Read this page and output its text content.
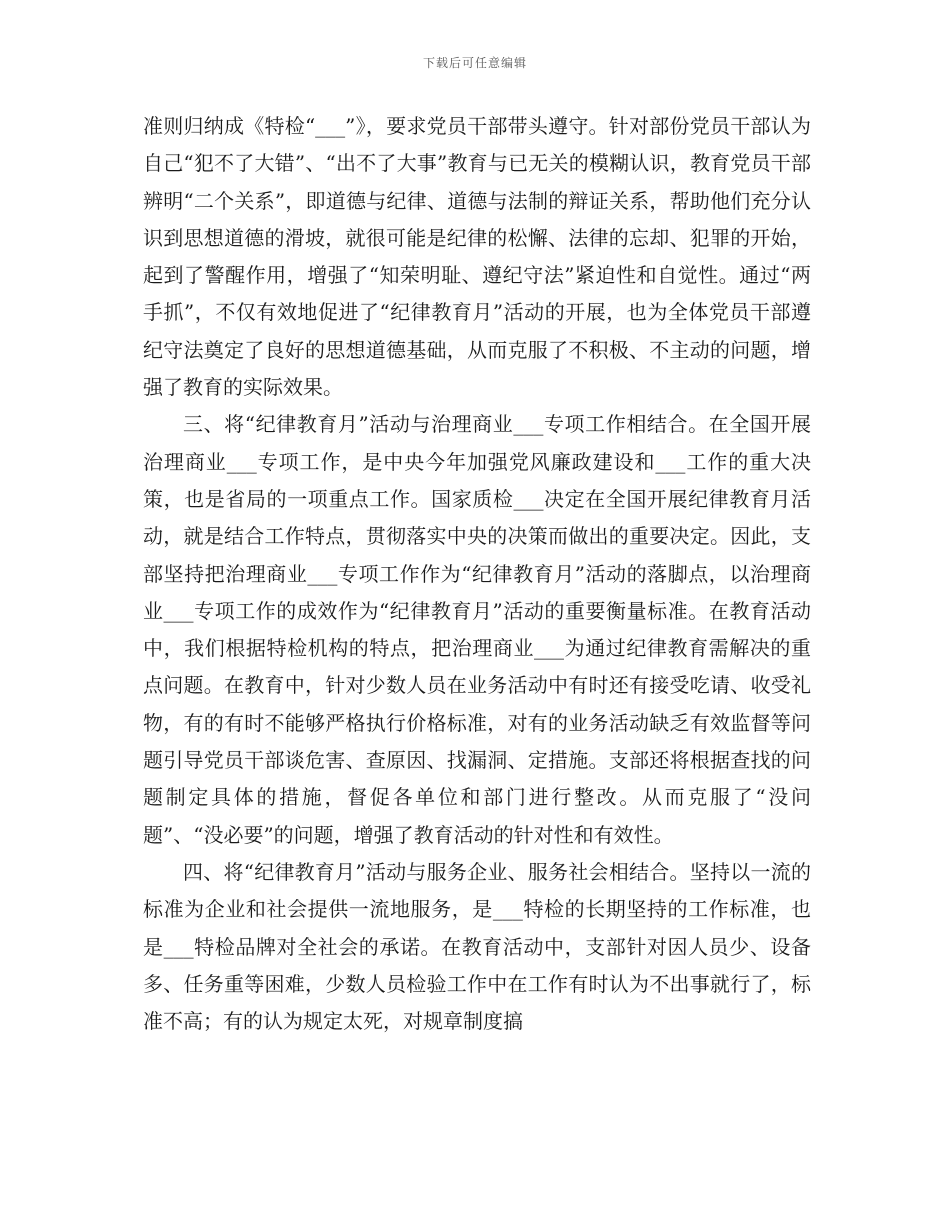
下载后可任意编辑

准则归纳成《特检“___”》，要求党员干部带头遵守。针对部份党员干部认为自己“犯不了大错”、“出不了大事”教育与已无关的模糊认识，教育党员干部辨明“二个关系”，即道德与纪律、道德与法制的辩证关系，帮助他们充分认识到思想道德的滑坡，就很可能是纪律的松懈、法律的忘却、犯罪的开始，起到了警醒作用，增强了“知荣明耻、遵纪守法”紧迫性和自觉性。通过“两手抓”，不仅有效地促进了“纪律教育月”活动的开展，也为全体党员干部遵纪守法奠定了良好的思想道德基础，从而克服了不积极、不主动的问题，增强了教育的实际效果。

三、将“纪律教育月”活动与治理商业___专项工作相结合。在全国开展治理商业___专项工作，是中央今年加强党风廉政建设和___工作的重大决策，也是省局的一项重点工作。国家质检___决定在全国开展纪律教育月活动，就是结合工作特点，贯彻落实中央的决策而做出的重要决定。因此，支部坚持把治理商业___专项工作作为“纪律教育月”活动的落脚点，以治理商业___专项工作的成效作为“纪律教育月”活动的重要衡量标准。在教育活动中，我们根据特检机构的特点，把治理商业___为通过纪律教育需解决的重点问题。在教育中，针对少数人员在业务活动中有时还有接受吃请、收受礼物，有的有时不能够严格执行价格标准，对有的业务活动缺乏有效监督等问题引导党员干部谈危害、查原因、找漏洞、定措施。支部还将根据查找的问题制定具体的措施，督促各单位和部门进行整改。从而克服了“没问题”、“没必要”的问题，增强了教育活动的针对性和有效性。

四、将“纪律教育月”活动与服务企业、服务社会相结合。坚持以一流的标准为企业和社会提供一流地服务，是___特检的长期坚持的工作标准，也是___特检品牌对全社会的承诺。在教育活动中，支部针对因人员少、设备多、任务重等困难，少数人员检验工作中在工作有时认为不出事就行了，标准不高；有的认为规定太死，对规章制度搞
